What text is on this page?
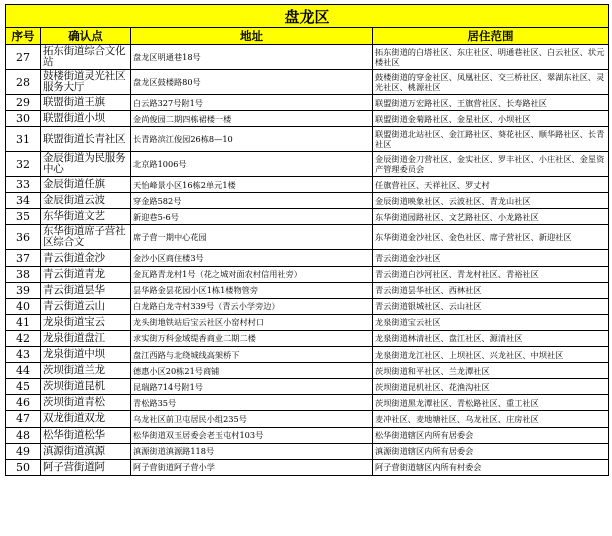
盘龙区			
序号	确认点	地址	居住范围
27	拓东街道综合文化站	盘龙区明通巷18号	拓东街道的白塔社区、东庄社区、明通巷社区、白云社区、状元楼社区
28	鼓楼街道灵光社区服务大厅	盘龙区鼓楼路80号	鼓楼街道的穿金社区、凤凰社区、交三桥社区、翠湖东社区、灵光社区、桃源社区
29	联盟街道王旗	白云路327号附1号	联盟街道万宏路社区、王旗营社区、长寿路社区
30	联盟街道小坝	金尚俊园二期四栋裙楼一楼	联盟街道金菊路社区、金星社区、小坝社区
31	联盟街道长青社区	长青路滨江俊园26栋8—10	联盟街道北站社区、金江路社区、葵花社区、顺华路社区、长青社区
32	金辰街道为民服务中心	北京路1006号	金辰街道金刀营社区、金实社区、罗丰社区、小庄社区、金星资产管理委员会
33	金辰街道任旗	天怡峰景小区16栋2单元1楼	任旗营社区、天祥社区、罗丈村
34	金辰街道云波	穿金路582号	金辰街道映象社区、云波社区、青龙山社区
35	东华街道文艺	新迎巷5-6号	东华街道园路社区、文艺路社区、小龙路社区
36	东华街道席子营社区综合文	席子营一期中心花园	东华街道金沙社区、金色社区、席子营社区、新迎社区
37	青云街道金沙	金沙小区商住楼3号	青云街道金沙社区
38	青云街道青龙	金瓦路青龙村1号（花之城对面农村信用社旁）	青云街道白沙河社区、青龙村社区、青裕社区
39	青云街道昙华	昙华路金昙花园小区1栋1楼物管旁	青云街道昙华社区、西林社区
40	青云街道云山	白龙路白龙寺村339号（青云小学旁边）	青云街道银城社区、云山社区
41	龙泉街道宝云	龙头街地铁站后宝云社区小窑村村口	龙泉街道宝云社区
42	龙泉街道盘江	求实街万科金域缇香商业二期二楼	龙泉街道林清社区、盘江社区、源清社区
43	龙泉街道中坝	盘江西路与北绕城线高架桥下	龙泉街道龙江社区、上坝社区、兴龙社区、中坝社区
44	茨坝街道兰龙	德惠小区20栋21号商铺	茨坝街道和平社区、兰龙潭社区
45	茨坝街道昆机	昆瑞路714号附1号	茨坝街道昆机社区、花渔沟社区
46	茨坝街道青松	青松路35号	茨坝街道黑龙潭社区、青松路社区、重工社区
47	双龙街道双龙	乌龙社区前卫屯居民小组235号	麦冲社区、麦地塘社区、乌龙社区、庄房社区
48	松华街道松华	松华街道双玉居委会老玉屯村103号	松华街道辖区内所有居委会
49	滇源街道滇源	滇源街道滇源路118号	滇源街道辖区内所有居委会
50	阿子营街道阿	阿子营街道阿子营小学	阿子营街道辖区内所有村委会
